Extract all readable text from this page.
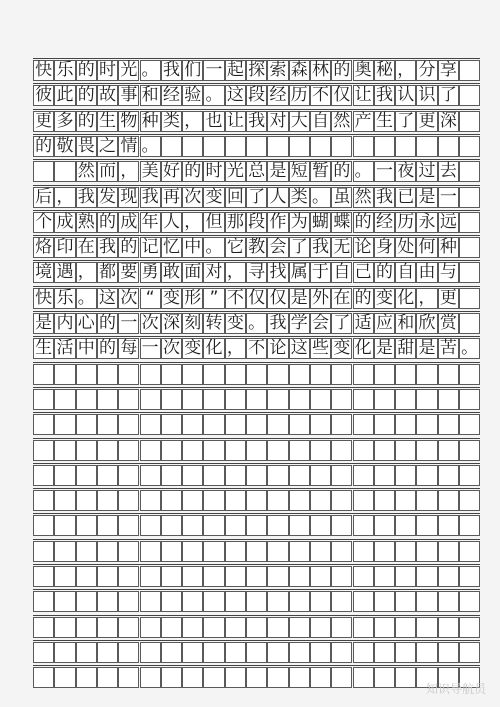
快 乐 的 时 光 。 我 们 一 起 探 索 森 林 的 奥 秘 ， 分 享
彼 此 的 故 事 和 经 验 。 这 段 经 历 不 仅 让 我 认 识 了
更 多 的 生 物 种 类 ， 也 让 我 对 大 自 然 产 生 了 更 深
的 敬 畏 之 情 。

然 而 ， 美 好 的 时 光 总 是 短 暂 的 。 一 夜 过 去
后 ， 我 发 现 我 再 次 变 回 了 人 类 。 虽 然 我 已 是 一
个 成 熟 的 成 年 人 ， 但 那 段 作 为 蝴 蝶 的 经 历 永 远
烙 印 在 我 的 记 忆 中 。 它 教 会 了 我 无 论 身 处 何 种
境 遇 ， 都 要 勇 敢 面 对 ， 寻 找 属 于 自 己 的 自 由 与
快 乐 。 这 次 “ 变 形 ” 不 仅 仅 是 外 在 的 变 化 ， 更
是 内 心 的 一 次 深 刻 转 变 。 我 学 会 了 适 应 和 欣 赏
生 活 中 的 每 一 次 变 化 ， 不 论 这 些 变 化 是 甜 是 苦 。
知识导航员
